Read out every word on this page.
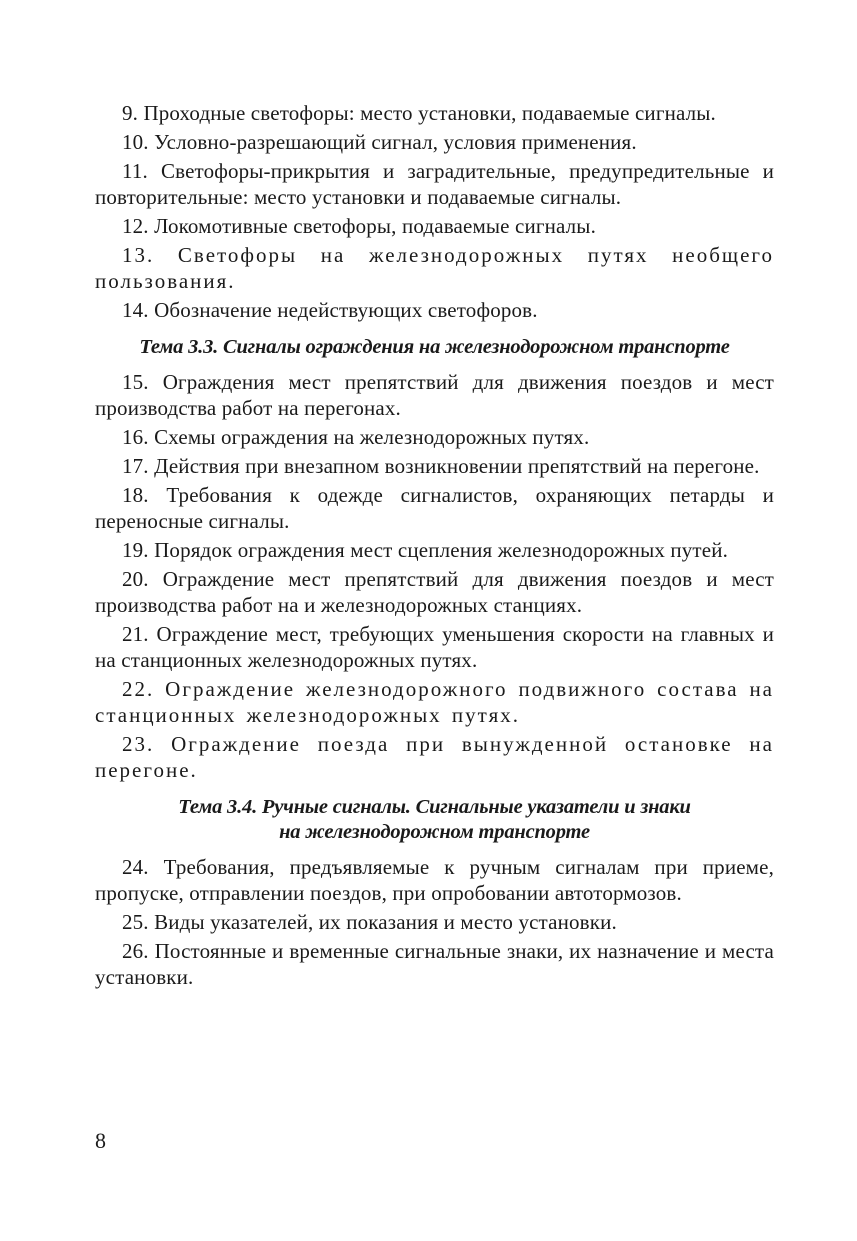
9. Проходные светофоры: место установки, подаваемые сигналы.

10. Условно-разрешающий сигнал, условия применения.

11. Светофоры-прикрытия и заградительные, предупредительные и повторительные: место установки и подаваемые сигналы.

12. Локомотивные светофоры, подаваемые сигналы.

13. Светофоры на железнодорожных путях необщего пользования.

14. Обозначение недействующих светофоров.

Тема 3.3. Сигналы ограждения на железнодорожном транспорте

15. Ограждения мест препятствий для движения поездов и мест производства работ на перегонах.

16. Схемы ограждения на железнодорожных путях.

17. Действия при внезапном возникновении препятствий на перегоне.

18. Требования к одежде сигналистов, охраняющих петарды и переносные сигналы.

19. Порядок ограждения мест сцепления железнодорожных путей.

20. Ограждение мест препятствий для движения поездов и мест производства работ на и железнодорожных станциях.

21. Ограждение мест, требующих уменьшения скорости на главных и на станционных железнодорожных путях.

22. Ограждение железнодорожного подвижного состава на станционных железнодорожных путях.

23. Ограждение поезда при вынужденной остановке на перегоне.

Тема 3.4. Ручные сигналы. Сигнальные указатели и знаки
на железнодорожном транспорте

24. Требования, предъявляемые к ручным сигналам при приеме, пропуске, отправлении поездов, при опробовании автотормозов.

25. Виды указателей, их показания и место установки.

26. Постоянные и временные сигнальные знаки, их назначение и места установки.

8
